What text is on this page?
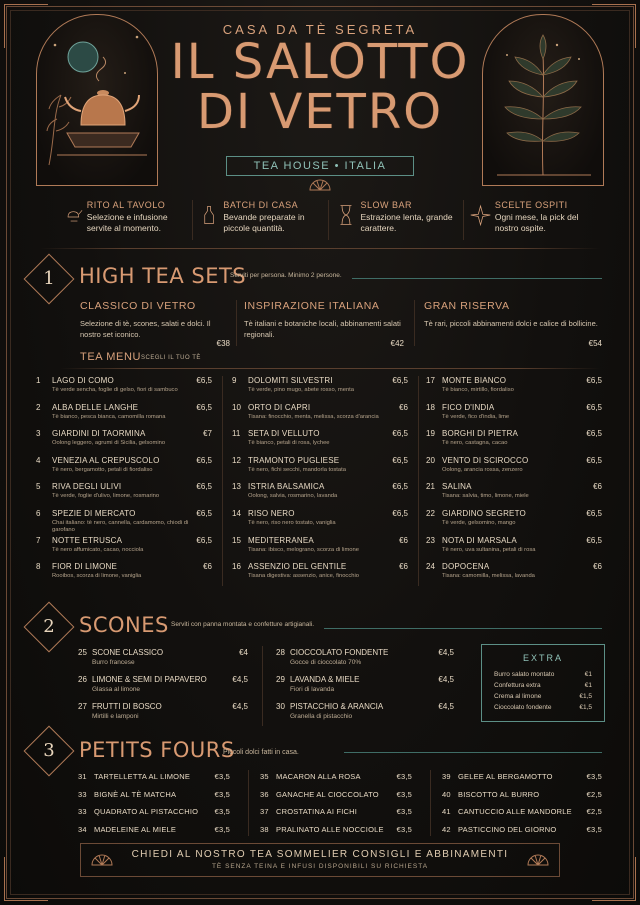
CASA DA TÈ SEGRETA
IL SALOTTO
DI VETRO
TEA HOUSE • ITALIA
RITO AL TAVOLO
Selezione e infusione servite al momento.
BATCH DI CASA
Bevande preparate in piccole quantità.
SLOW BAR
Estrazione lenta, grande carattere.
SCELTE OSPITI
Ogni mese, la pick del nostro ospite.
1	HIGH TEA SETS
Serviti per persona. Minimo 2 persone.
CLASSICO DI VETRO
Selezione di tè, scones, salati e dolci. Il nostro set iconico.
€38
INSPIRAZIONE ITALIANA
Tè italiani e botaniche locali, abbinamenti salati regionali.
€42
GRAN RISERVA
Tè rari, piccoli abbinamenti dolci e calice di bollicine.
€54
TEA MENU SCEGLI IL TUO TÈ
1 LAGO DI COMO
Tè verde sencha, foglie di gelso, fiori di sambuco
€6,5
2 ALBA DELLE LANGHE
Tè bianco, pesca bianca, camomilla romana
€6,5
3 GIARDINI DI TAORMINA
Oolong leggero, agrumi di Sicilia, gelsomino
€7
4 VENEZIA AL CREPUSCOLO
Tè nero, bergamotto, petali di fiordaliso
€6,5
5 RIVA DEGLI ULIVI
Tè verde, foglie d'ulivo, limone, rosmarino
€6,5
6 SPEZIE DI MERCATO
Chai italiano: tè nero, cannella, cardamomo, chiodi di garofano
€6,5
7 NOTTE ETRUSCA
Tè nero affumicato, cacao, nocciola
€6,5
8 FIOR DI LIMONE
Rooibos, scorza di limone, vaniglia
€6
9 DOLOMITI SILVESTRI
Tè verde, pino mugo, abete rosso, menta
€6,5
10 ORTO DI CAPRI
Tisana: finocchio, menta, melissa, scorza d'arancia
€6
11 SETA DI VELLUTO
Tè bianco, petali di rosa, lychee
€6,5
12 TRAMONTO PUGLIESE
Tè nero, fichi secchi, mandorla tostata
€6,5
13 ISTRIA BALSAMICA
Oolong, salvia, rosmarino, lavanda
€6,5
14 RISO NERO
Tè nero, riso nero tostato, vaniglia
€6,5
15 MEDITERRANEA
Tisana: ibisco, melograno, scorza di limone
€6
16 ASSENZIO DEL GENTILE
Tisana digestiva: assenzio, anice, finocchio
€6
17 MONTE BIANCO
Tè bianco, mirtillo, fiordaliso
€6,5
18 FICO D'INDIA
Tè verde, fico d'india, lime
€6,5
19 BORGHI DI PIETRA
Tè nero, castagna, cacao
€6,5
20 VENTO DI SCIROCCO
Oolong, arancia rossa, zenzero
€6,5
21 SALINA
Tisana: salvia, timo, limone, miele
€6
22 GIARDINO SEGRETO
Tè verde, gelsomino, mango
€6,5
23 NOTA DI MARSALA
Tè nero, uva sultanina, petali di rosa
€6,5
24 DOPOCENA
Tisana: camomilla, melissa, lavanda
€6
2	SCONES Serviti con panna montata e confetture artigianali.
25 SCONE CLASSICO
Burro francese
€4
26 LIMONE & SEMI DI PAPAVERO
Glassa al limone
€4,5
27 FRUTTI DI BOSCO
Mirtilli e lamponi
€4,5
28 CIOCCOLATO FONDENTE
Gocce di cioccolato 70%
€4,5
29 LAVANDA & MIELE
Fiori di lavanda
€4,5
30 PISTACCHIO & ARANCIA
Granella di pistacchio
€4,5
EXTRA
Burro salato montato	€1
Confettura extra	€1
Crema al limone	€1,5
Cioccolato fondente	€1,5
3	PETITS FOURS
Piccoli dolci fatti in casa.
31 TARTELLETTA AL LIMONE	€3,5
33 BIGNÈ AL TÈ MATCHA	€3,5
33 QUADRATO AL PISTACCHIO €3,5
34 MADELEINE AL MIELE	€3,5
35 MACARON ALLA ROSA	€3,5
36 GANACHE AL CIOCCOLATO €3,5
37 CROSTATINA AI FICHI	€3,5
38 PRALINATO ALLE NOCCIOLE €3,5
39 GELEE AL BERGAMOTTO	€3,5
40 BISCOTTO AL BURRO	€2,5
41 CANTUCCIO ALLE MANDORLE €2,5
42 PASTICCINO DEL GIORNO	€3,5
CHIEDI AL NOSTRO TEA SOMMELIER CONSIGLI E ABBINAMENTI
TÈ SENZA TEINA E INFUSI DISPONIBILI SU RICHIESTA
